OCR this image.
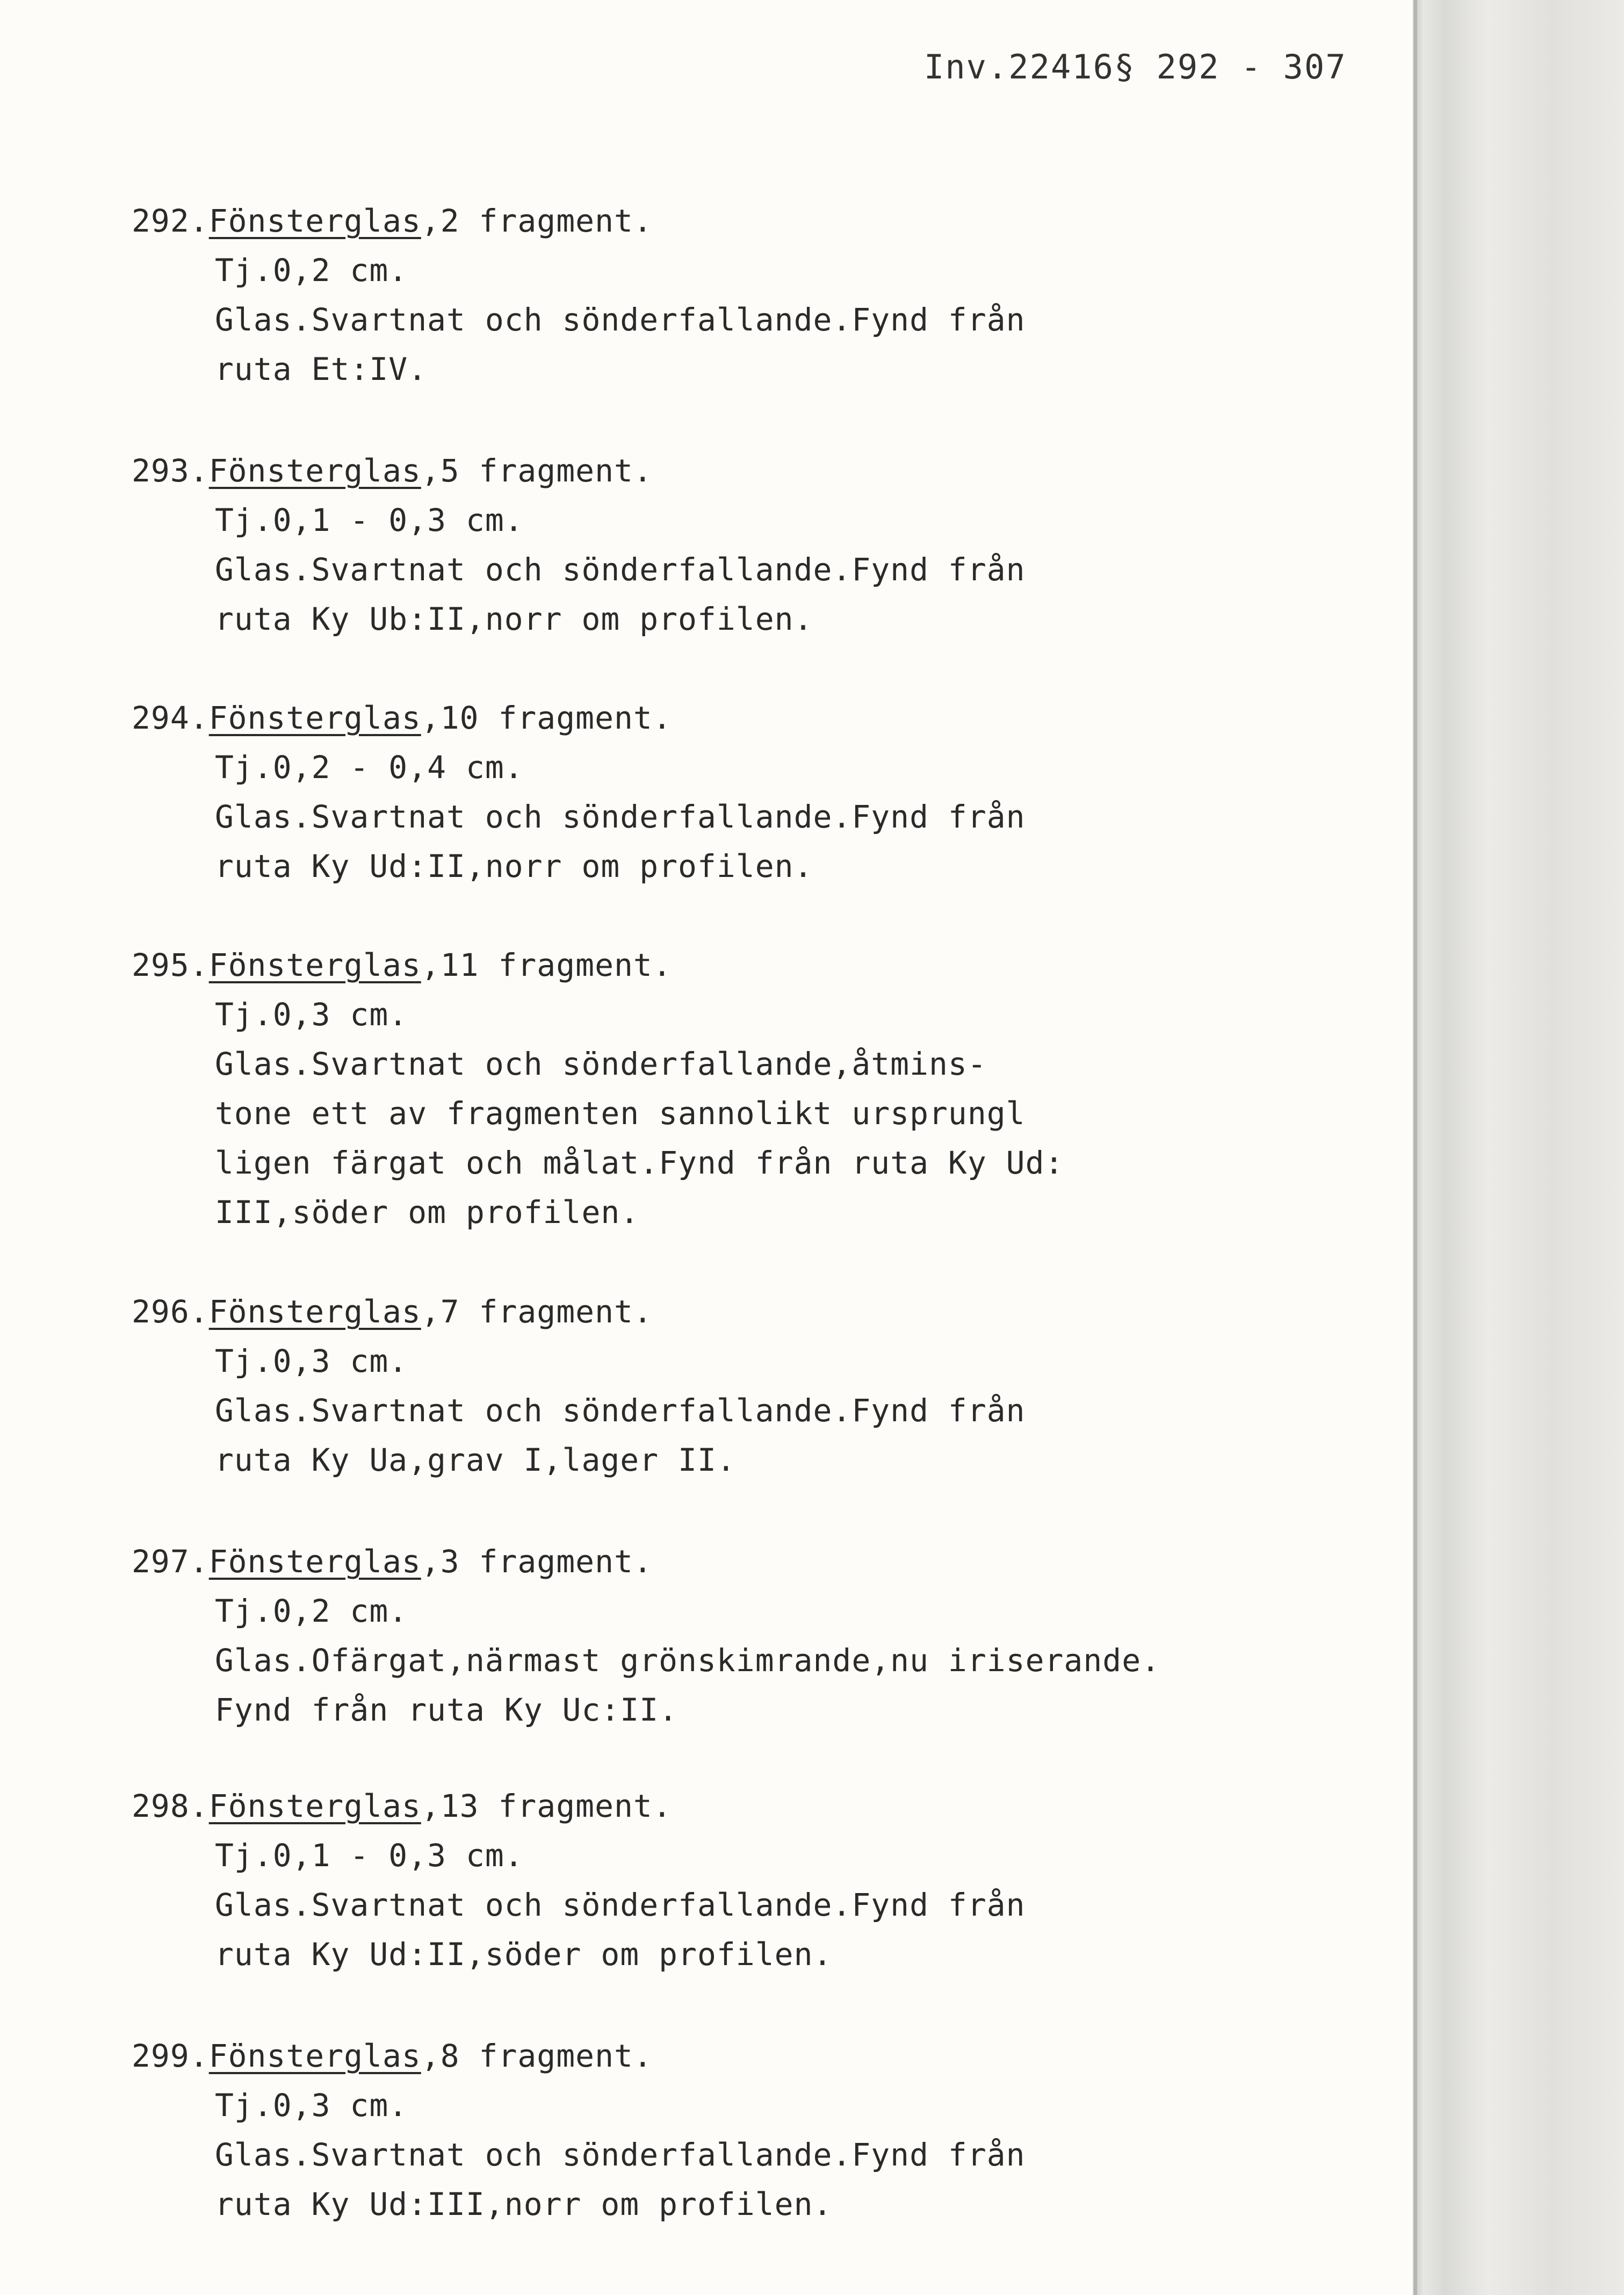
Inv.22416§ 292 - 307
292.Fönsterglas,2 fragment.
Tj.0,2 cm.
Glas.Svartnat och sönderfallande.Fynd från
ruta Et:IV.
293.Fönsterglas,5 fragment.
Tj.0,1 - 0,3 cm.
Glas.Svartnat och sönderfallande.Fynd från
ruta Ky Ub:II,norr om profilen.
294.Fönsterglas,10 fragment.
Tj.0,2 - 0,4 cm.
Glas.Svartnat och sönderfallande.Fynd från
ruta Ky Ud:II,norr om profilen.
295.Fönsterglas,11 fragment.
Tj.0,3 cm.
Glas.Svartnat och sönderfallande,åtmins-
tone ett av fragmenten sannolikt ursprungl
ligen färgat och målat.Fynd från ruta Ky Ud:
III,söder om profilen.
296.Fönsterglas,7 fragment.
Tj.0,3 cm.
Glas.Svartnat och sönderfallande.Fynd från
ruta Ky Ua,grav I,lager II.
297.Fönsterglas,3 fragment.
Tj.0,2 cm.
Glas.Ofärgat,närmast grönskimrande,nu iriserande.
Fynd från ruta Ky Uc:II.
298.Fönsterglas,13 fragment.
Tj.0,1 - 0,3 cm.
Glas.Svartnat och sönderfallande.Fynd från
ruta Ky Ud:II,söder om profilen.
299.Fönsterglas,8 fragment.
Tj.0,3 cm.
Glas.Svartnat och sönderfallande.Fynd från
ruta Ky Ud:III,norr om profilen.
